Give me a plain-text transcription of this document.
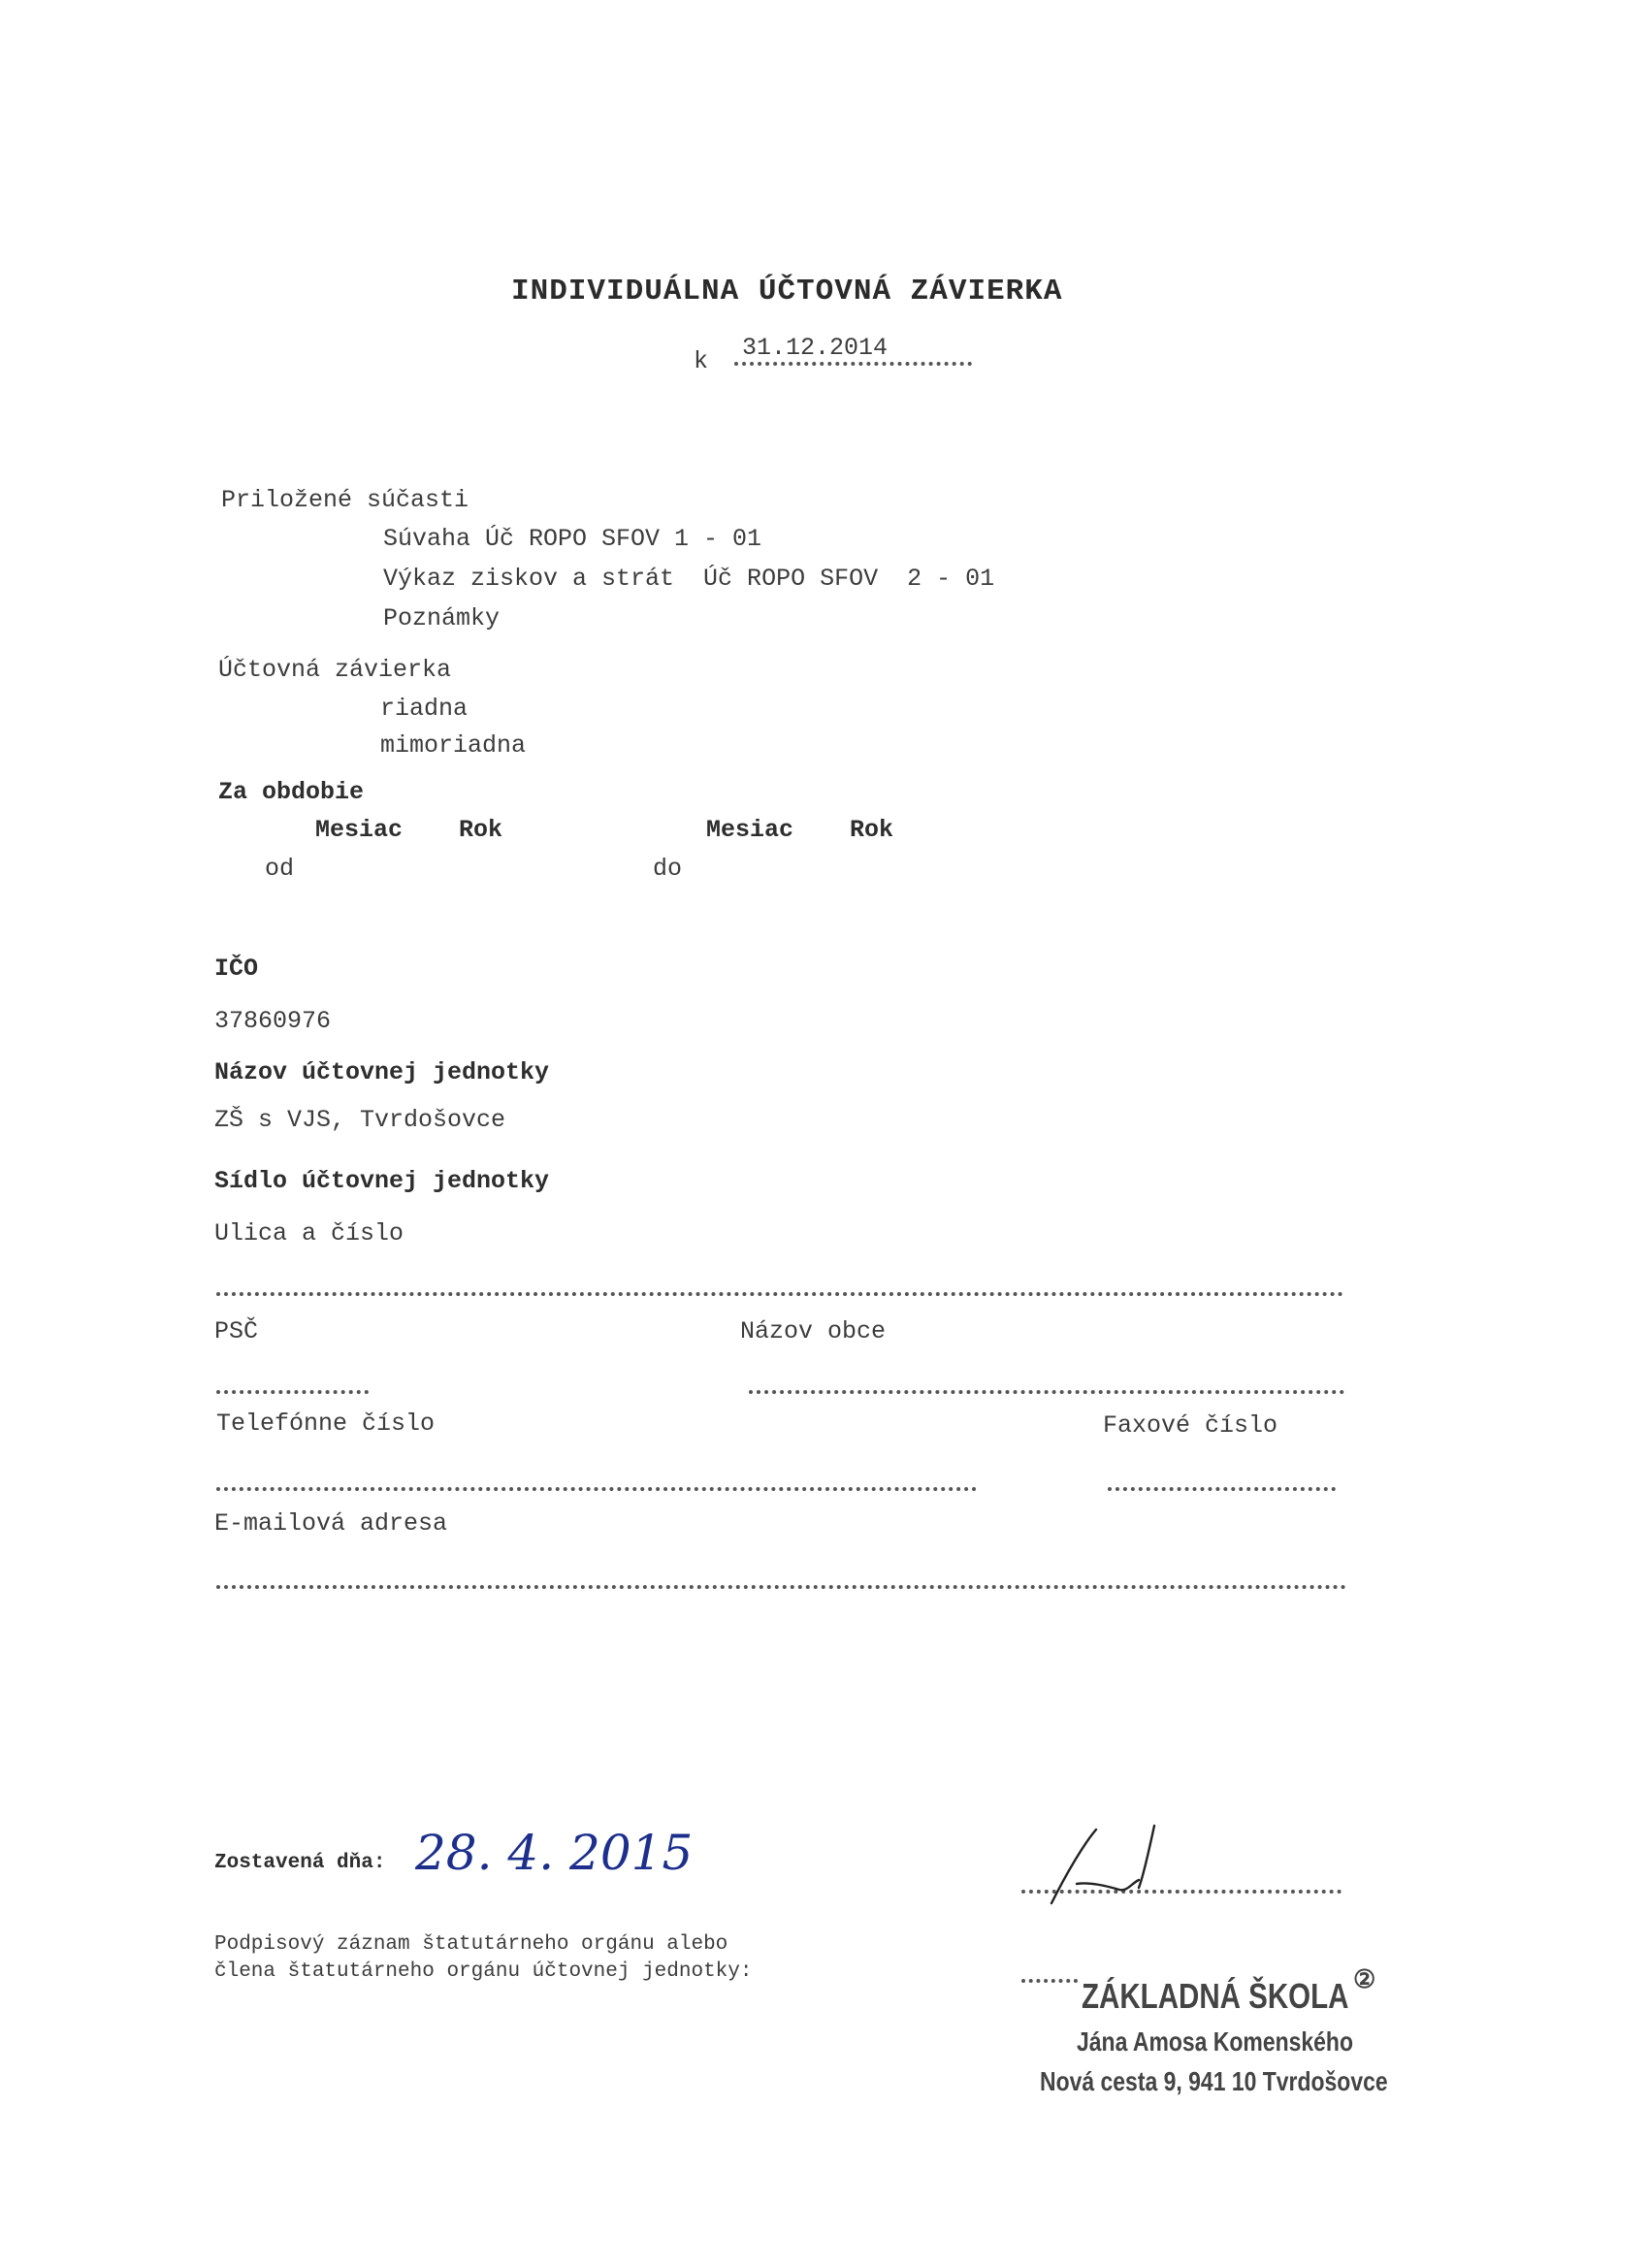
INDIVIDUÁLNA ÚČTOVNÁ ZÁVIERKA
k 31.12.2014
Priložené súčasti
Súvaha Úč ROPO SFOV 1 - 01
Výkaz ziskov a strát  Úč ROPO SFOV  2 - 01
Poznámky
Účtovná závierka
riadna
mimoriadna
Za obdobie
Mesiac Rok	Mesiac Rok
od	do
IČO
37860976
Názov účtovnej jednotky
ZŠ s VJS, Tvrdošovce
Sídlo účtovnej jednotky
Ulica a číslo
PSČ	Názov obce
Telefónne číslo	Faxové číslo
E-mailová adresa
Zostavená dňa: 28. 4. 2015
Podpisový záznam štatutárneho orgánu alebo
člena štatutárneho orgánu účtovnej jednotky:
ZÁKLADNÁ ŠKOLA ②
Jána Amosa Komenského
Nová cesta 9, 941 10 Tvrdošovce
